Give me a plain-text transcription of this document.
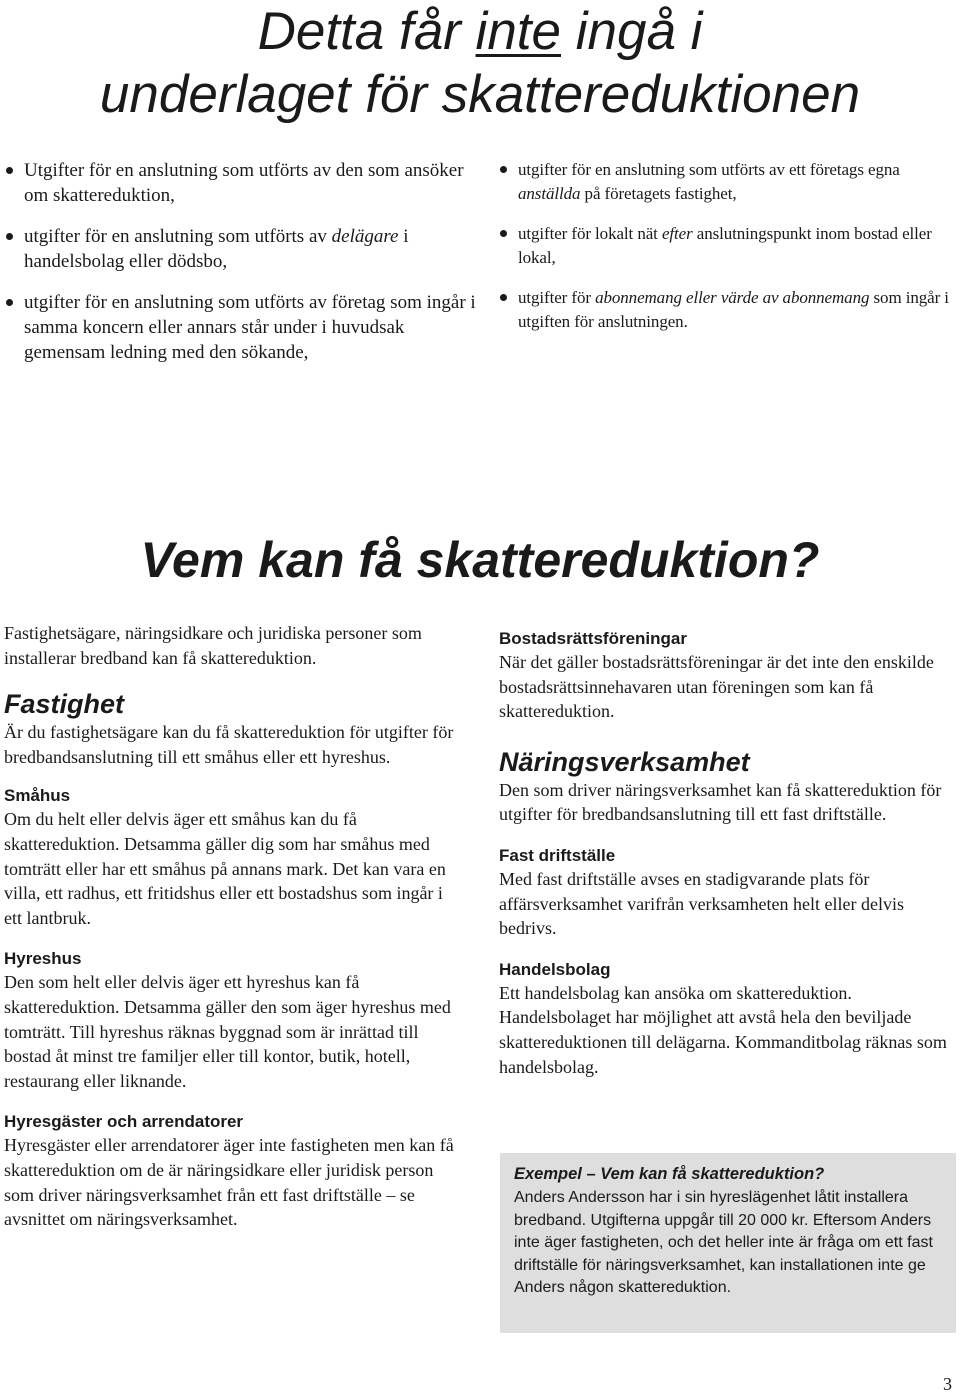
Detta får inte ingå i
underlaget för skattereduktionen
Utgifter för en anslutning som utförts av den som ansöker om skattereduktion,
utgifter för en anslutning som utförts av delägare i handelsbolag eller dödsbo,
utgifter för en anslutning som utförts av företag som ingår i samma koncern eller annars står under i huvudsak gemensam ledning med den sökande,
utgifter för en anslutning som utförts av ett företags egna anställda på företagets fastighet,
utgifter för lokalt nät efter anslutningspunkt inom bostad eller lokal,
utgifter för abonnemang eller värde av abonnemang som ingår i utgiften för anslutningen.
Vem kan få skattereduktion?

Fastighetsägare, näringsidkare och juridiska personer som installerar bredband kan få skattereduktion.

Fastighet

Är du fastighetsägare kan du få skattereduktion för utgifter för bredbandsanslutning till ett småhus eller ett hyreshus.

Småhus

Om du helt eller delvis äger ett småhus kan du få skattereduktion. Detsamma gäller dig som har småhus med tomträtt eller har ett småhus på annans mark. Det kan vara en villa, ett radhus, ett fritidshus eller ett bostadshus som ingår i ett lantbruk.

Hyreshus

Den som helt eller delvis äger ett hyreshus kan få skattereduktion. Detsamma gäller den som äger hyreshus med tomträtt. Till hyreshus räknas byggnad som är inrättad till bostad åt minst tre familjer eller till kontor, butik, hotell, restaurang eller liknande.

Hyresgäster och arrendatorer

Hyresgäster eller arrendatorer äger inte fastigheten men kan få skattereduktion om de är näringsidkare eller juridisk person som driver näringsverksamhet från ett fast driftställe – se avsnittet om näringsverksamhet.

Bostadsrättsföreningar

När det gäller bostadsrättsföreningar är det inte den enskilde bostadsrättsinnehavaren utan föreningen som kan få skattereduktion.

Näringsverksamhet

Den som driver näringsverksamhet kan få skattereduktion för utgifter för bredbandsanslutning till ett fast driftställe.

Fast driftställe

Med fast driftställe avses en stadigvarande plats för affärsverksamhet varifrån verksamheten helt eller delvis bedrivs.

Handelsbolag

Ett handelsbolag kan ansöka om skattereduktion. Handelsbolaget har möjlighet att avstå hela den beviljade skattereduktionen till delägarna. Kommanditbolag räknas som handelsbolag.

Exempel – Vem kan få skattereduktion?

Anders Andersson har i sin hyreslägenhet låtit installera bredband. Utgifterna uppgår till 20 000 kr. Eftersom Anders inte äger fastigheten, och det heller inte är fråga om ett fast driftställe för näringsverksamhet, kan installationen inte ge Anders någon skattereduktion.

3
